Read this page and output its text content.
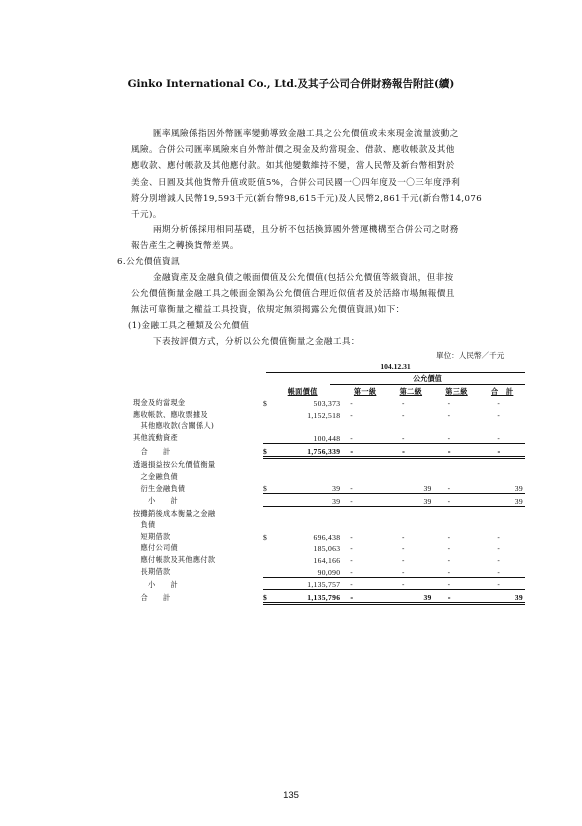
Ginko International Co., Ltd.及其子公司合併財務報告附註(續)
匯率風險係指因外幣匯率變動導致金融工具之公允價值或未來現金流量波動之
風險。合併公司匯率風險來自外幣計價之現金及約當現金、借款、應收帳款及其他
應收款、應付帳款及其他應付款。如其他變數維持不變，當人民幣及新台幣相對於
美金、日圓及其他貨幣升值或貶值5%，合併公司民國一〇四年度及一〇三年度淨利
將分別增減人民幣19,593千元(新台幣98,615千元)及人民幣2,861千元(新台幣14,076
千元)。
兩期分析係採用相同基礎，且分析不包括換算國外營運機構至合併公司之財務
報告產生之轉換貨幣差異。
6.公允價值資訊
金融資產及金融負債之帳面價值及公允價值(包括公允價值等級資訊，但非按
公允價值衡量金融工具之帳面金額為公允價值合理近似值者及於活絡市場無報價且
無法可靠衡量之權益工具投資，依規定無須揭露公允價值資訊)如下：
(1)金融工具之種類及公允價值
下表按評價方式，分析以公允價值衡量之金融工具：
單位：人民幣／千元
104.12.31
公允價值
	帳面價值		第一級	第二級	第三級	合　計
現金及約當現金	$	503,373	-	-	-	-
應收帳款、應收票據及		1,152,518	-	-	-	-
　其他應收款(含關係人)						
其他流動資產		100,448	-	-	-	-
　合　　計	$	1,756,339	-	-	-	-
透過損益按公允價值衡量						
　之金融負債						
　衍生金融負債	$	39	-	39	-	39
　　小　　計		39	-	39	-	39
按攤銷後成本衡量之金融						
　負債						
　短期借款	$	696,438	-	-	-	-
　應付公司債		185,063	-	-	-	-
　應付帳款及其他應付款		164,166	-	-	-	-
　長期借款		90,090	-	-	-	-
　　小　　計		1,135,757	-	-	-	-
　合　　計	$	1,135,796	-	39	-	39
135
